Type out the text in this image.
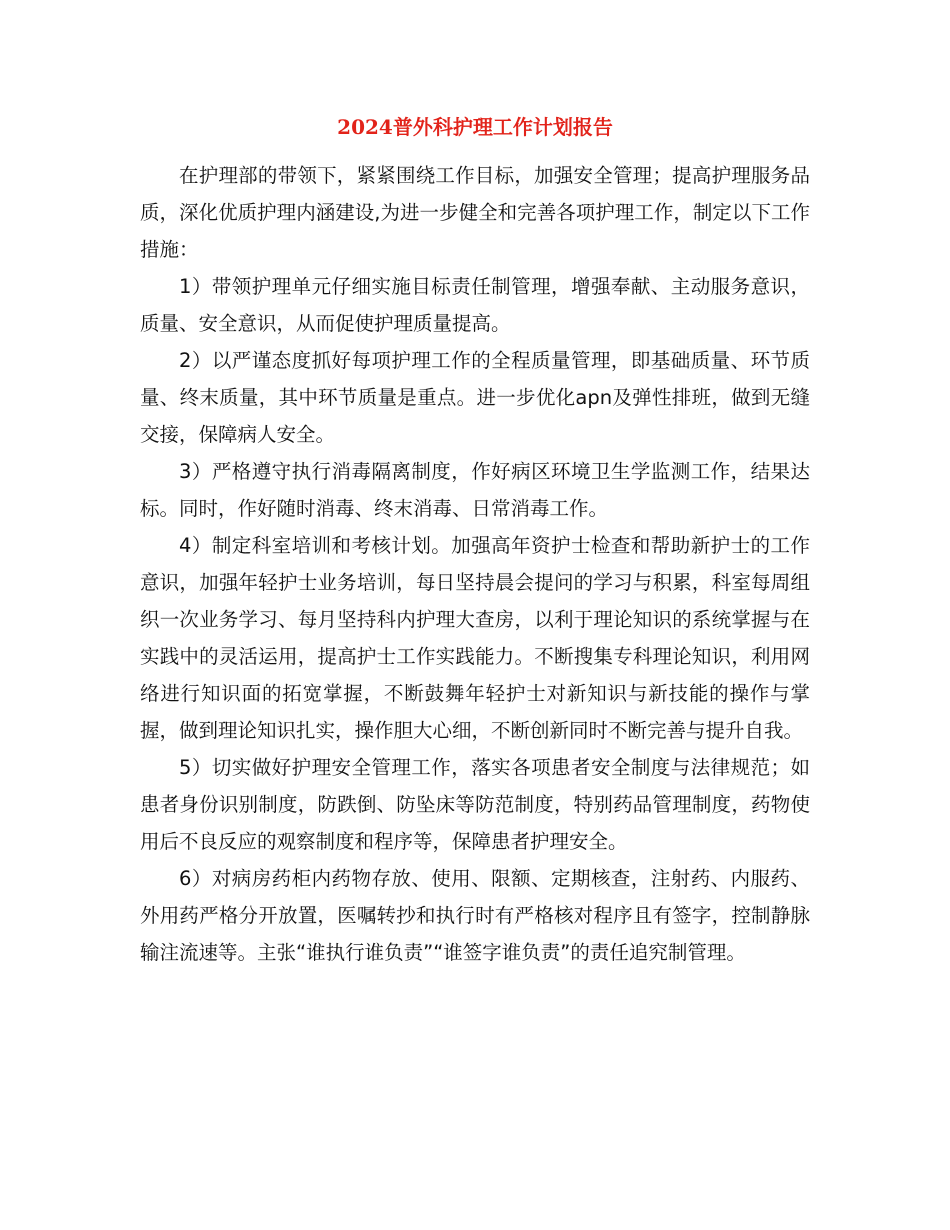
2024普外科护理工作计划报告

在护理部的带领下，紧紧围绕工作目标，加强安全管理；提高护理服务品质，深化优质护理内涵建设,为进一步健全和完善各项护理工作，制定以下工作措施：

1）带领护理单元仔细实施目标责任制管理，增强奉献、主动服务意识，质量、安全意识，从而促使护理质量提高。

2）以严谨态度抓好每项护理工作的全程质量管理，即基础质量、环节质量、终末质量，其中环节质量是重点。进一步优化apn及弹性排班，做到无缝交接，保障病人安全。

3）严格遵守执行消毒隔离制度，作好病区环境卫生学监测工作，结果达标。同时，作好随时消毒、终末消毒、日常消毒工作。

4）制定科室培训和考核计划。加强高年资护士检查和帮助新护士的工作意识，加强年轻护士业务培训，每日坚持晨会提问的学习与积累，科室每周组织一次业务学习、每月坚持科内护理大查房，以利于理论知识的系统掌握与在实践中的灵活运用，提高护士工作实践能力。不断搜集专科理论知识，利用网络进行知识面的拓宽掌握，不断鼓舞年轻护士对新知识与新技能的操作与掌握，做到理论知识扎实，操作胆大心细，不断创新同时不断完善与提升自我。

5）切实做好护理安全管理工作，落实各项患者安全制度与法律规范；如患者身份识别制度，防跌倒、防坠床等防范制度，特别药品管理制度，药物使用后不良反应的观察制度和程序等，保障患者护理安全。

6）对病房药柜内药物存放、使用、限额、定期核查，注射药、内服药、外用药严格分开放置，医嘱转抄和执行时有严格核对程序且有签字，控制静脉输注流速等。主张“谁执行谁负责”“谁签字谁负责”的责任追究制管理。
